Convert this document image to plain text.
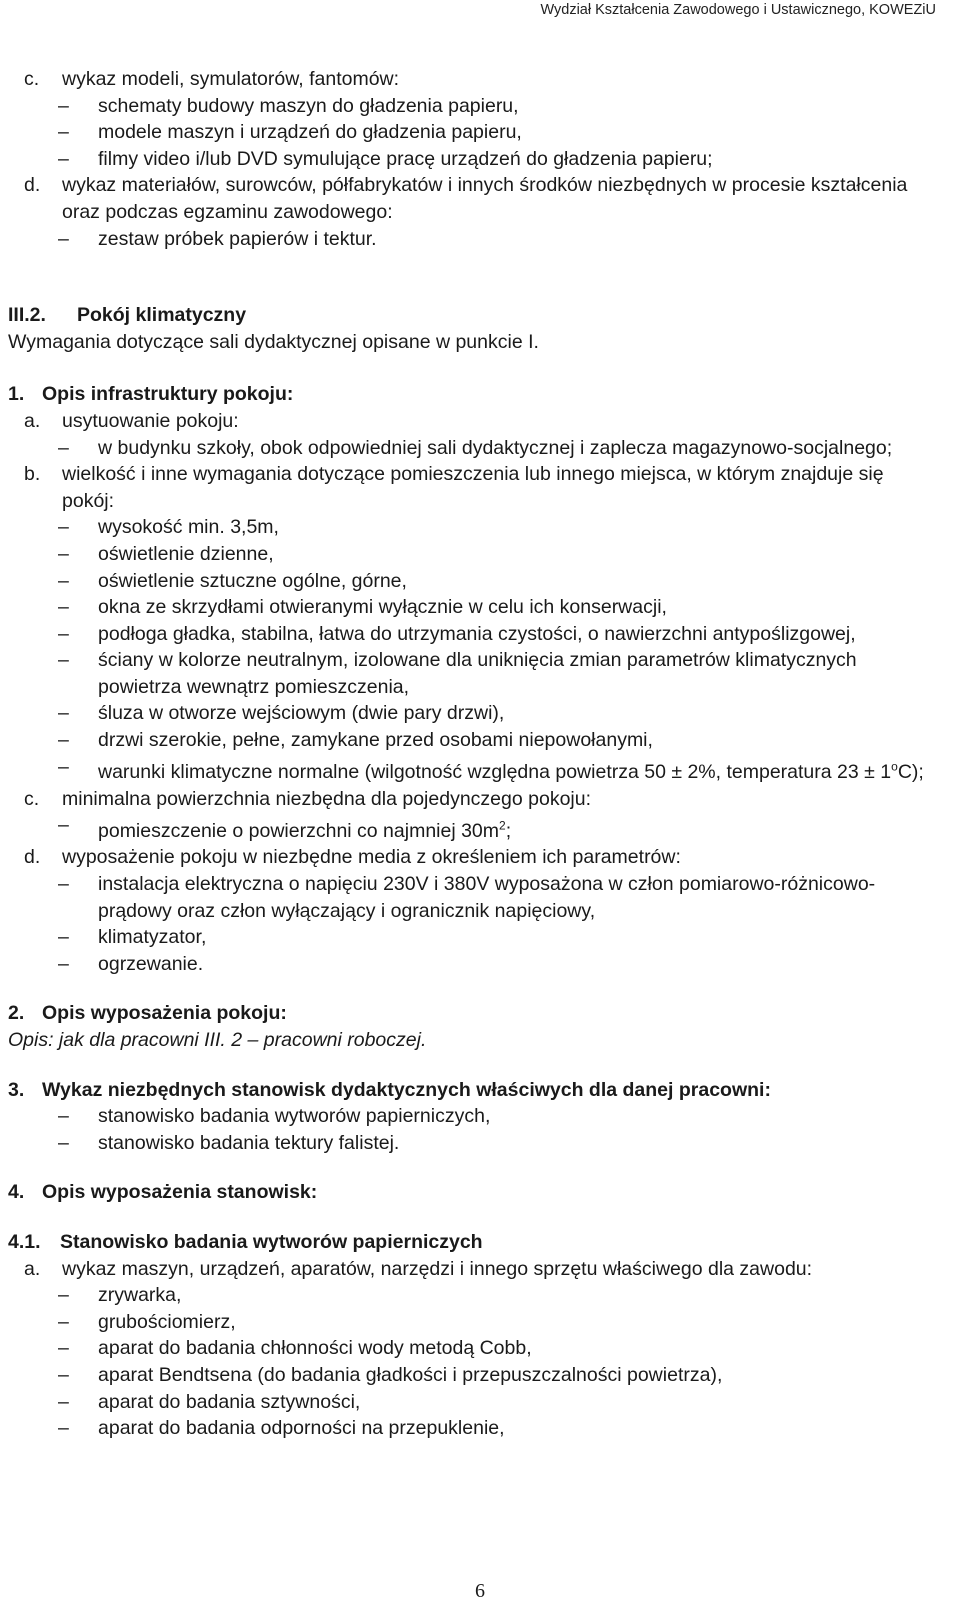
Wydział Kształcenia Zawodowego i Ustawicznego, KOWEZiU
c. wykaz modeli, symulatorów, fantomów:
– schematy budowy maszyn do gładzenia papieru,
– modele maszyn i urządzeń do gładzenia papieru,
– filmy video i/lub DVD symulujące pracę urządzeń do gładzenia papieru;
d. wykaz materiałów, surowców, półfabrykatów i innych środków niezbędnych w procesie kształcenia oraz podczas egzaminu zawodowego:
– zestaw próbek papierów i tektur.
III.2. Pokój klimatyczny
Wymagania dotyczące sali dydaktycznej opisane w punkcie I.
1. Opis infrastruktury pokoju:
a. usytuowanie pokoju:
– w budynku szkoły, obok odpowiedniej sali dydaktycznej i zaplecza magazynowo-socjalnego;
b. wielkość i inne wymagania dotyczące pomieszczenia lub innego miejsca, w którym znajduje się pokój:
– wysokość min. 3,5m,
– oświetlenie dzienne,
– oświetlenie sztuczne ogólne, górne,
– okna ze skrzydłami otwieranymi wyłącznie w celu ich konserwacji,
– podłoga gładka, stabilna, łatwa do utrzymania czystości, o nawierzchni antypoślizgowej,
– ściany w kolorze neutralnym, izolowane dla uniknięcia zmian parametrów klimatycznych powietrza wewnątrz pomieszczenia,
– śluza w otworze wejściowym (dwie pary drzwi),
– drzwi szerokie, pełne, zamykane przed osobami niepowołanymi,
– warunki klimatyczne normalne (wilgotność względna powietrza 50 ± 2%, temperatura $23 \pm 1^oC$);
c. minimalna powierzchnia niezbędna dla pojedynczego pokoju:
– pomieszczenie o powierzchni co najmniej $30m^2$;
d. wyposażenie pokoju w niezbędne media z określeniem ich parametrów:
– instalacja elektryczna o napięciu 230V i 380V wyposażona w człon pomiarowo-różnicowo-prądowy oraz człon wyłączający i ogranicznik napięciowy,
– klimatyzator,
– ogrzewanie.
2. Opis wyposażenia pokoju:
Opis: jak dla pracowni III. 2 – pracowni roboczej.
3. Wykaz niezbędnych stanowisk dydaktycznych właściwych dla danej pracowni:
– stanowisko badania wytworów papierniczych,
– stanowisko badania tektury falistej.
4. Opis wyposażenia stanowisk:
4.1. Stanowisko badania wytworów papierniczych
a. wykaz maszyn, urządzeń, aparatów, narzędzi i innego sprzętu właściwego dla zawodu:
– zrywarka,
– grubościomierz,
– aparat do badania chłonności wody metodą Cobb,
– aparat Bendtsena (do badania gładkości i przepuszczalności powietrza),
– aparat do badania sztywności,
– aparat do badania odporności na przepuklenie,
6
